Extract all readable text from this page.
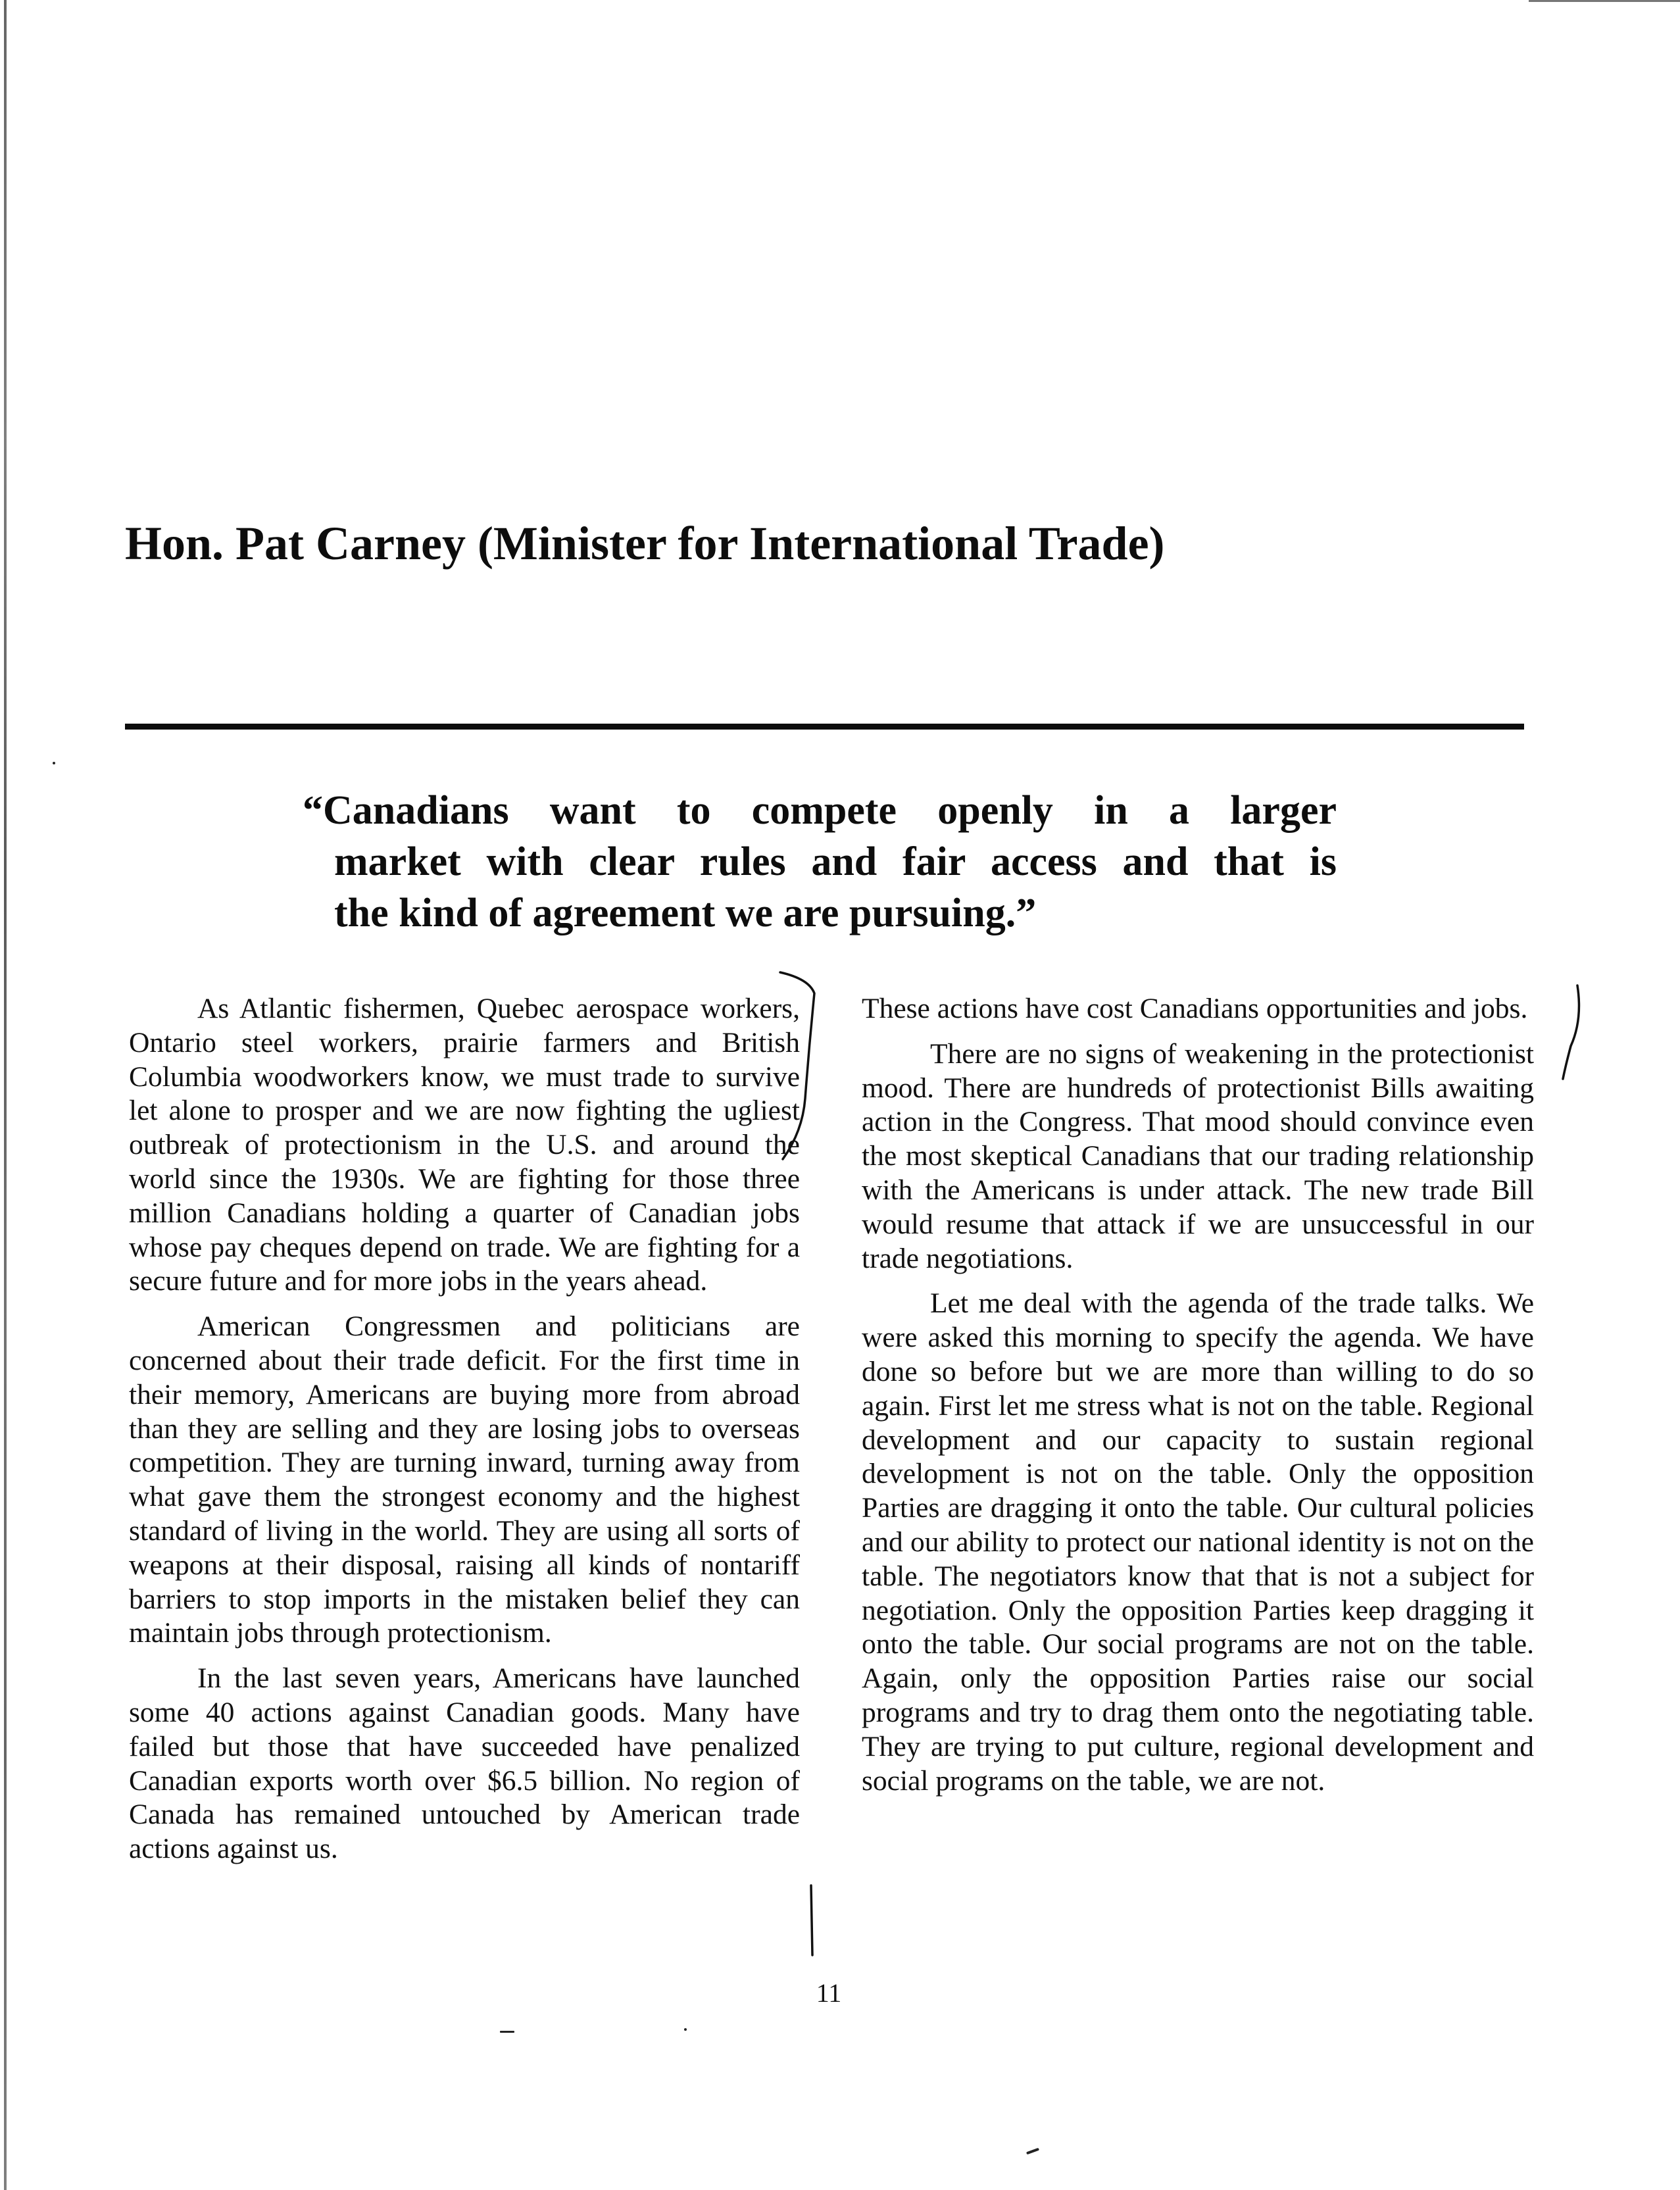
Hon. Pat Carney (Minister for International Trade)
“Canadians want to compete openly in a larger
market with clear rules and fair access and that is
the kind of agreement we are pursuing.”

As Atlantic fishermen, Quebec aerospace workers, Ontario steel workers, prairie farmers and British Columbia woodworkers know, we must trade to survive let alone to prosper and we are now fighting the ugliest outbreak of protectionism in the U.S. and around the world since the 1930s. We are fighting for those three million Canadians holding a quarter of Canadian jobs whose pay cheques depend on trade. We are fighting for a secure future and for more jobs in the years ahead.

American Congressmen and politicians are concerned about their trade deficit. For the first time in their memory, Americans are buying more from abroad than they are selling and they are losing jobs to overseas competition. They are turning inward, turning away from what gave them the strongest economy and the highest standard of living in the world. They are using all sorts of weapons at their disposal, raising all kinds of nontariff barriers to stop imports in the mistaken belief they can maintain jobs through protectionism.

In the last seven years, Americans have launched some 40 actions against Canadian goods. Many have failed but those that have succeeded have penalized Canadian exports worth over $6.5 billion. No region of Canada has remained untouched by American trade actions against us.

These actions have cost Canadians opportunities and jobs.

There are no signs of weakening in the protectionist mood. There are hundreds of protectionist Bills awaiting action in the Congress. That mood should convince even the most skeptical Canadians that our trading relationship with the Americans is under attack. The new trade Bill would resume that attack if we are unsuccessful in our trade negotiations.

Let me deal with the agenda of the trade talks. We were asked this morning to specify the agenda. We have done so before but we are more than willing to do so again. First let me stress what is not on the table. Regional development and our capacity to sustain regional development is not on the table. Only the opposition Parties are dragging it onto the table. Our cultural policies and our ability to protect our national identity is not on the table. The negotiators know that that is not a subject for negotiation. Only the opposition Parties keep dragging it onto the table. Our social programs are not on the table. Again, only the opposition Parties raise our social programs and try to drag them onto the negotiating table. They are trying to put culture, regional development and social programs on the table, we are not.

11
